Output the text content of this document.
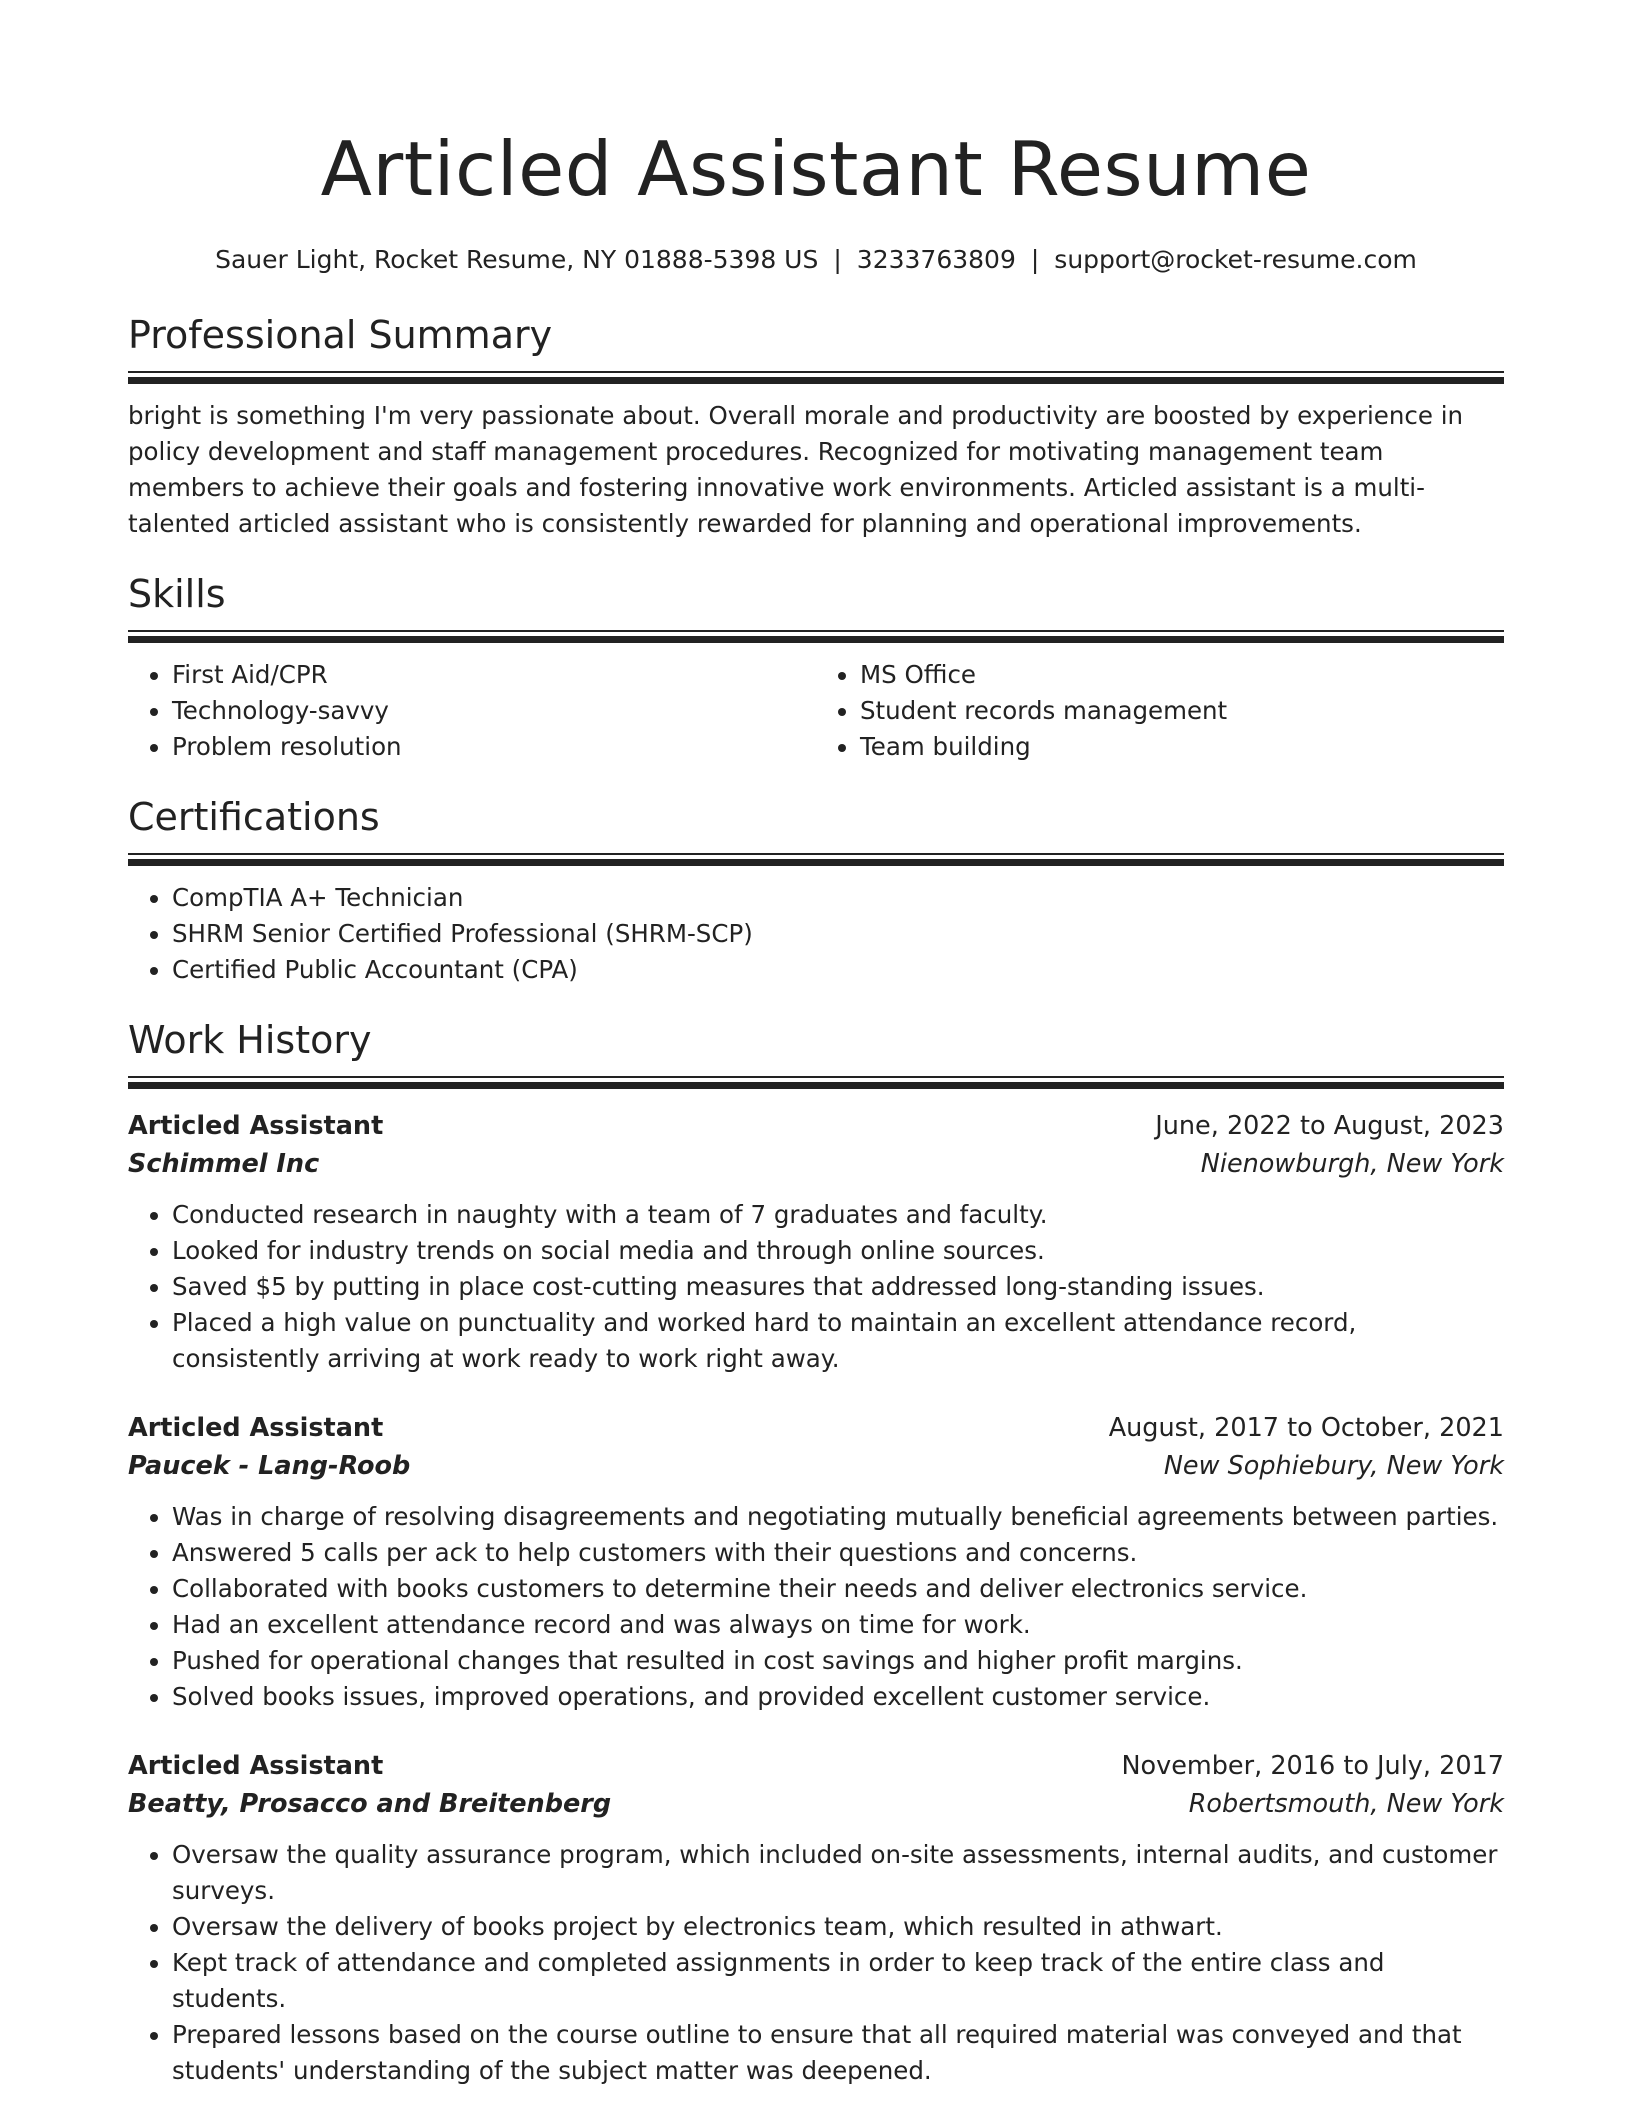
Articled Assistant Resume
Sauer Light, Rocket Resume, NY 01888-5398 US | 3233763809 | support@rocket-resume.com
Professional Summary

bright is something I'm very passionate about. Overall morale and productivity are boosted by experience in policy development and staff management procedures. Recognized for motivating management team members to achieve their goals and fostering innovative work environments. Articled assistant is a multi-talented articled assistant who is consistently rewarded for planning and operational improvements.

Skills
• First Aid/CPR
• Technology-savvy
• Problem resolution
• MS Office
• Student records management
• Team building
Certifications
• CompTIA A+ Technician
• SHRM Senior Certified Professional (SHRM-SCP)
• Certified Public Accountant (CPA)
Work History
Articled Assistant	June, 2022 to August, 2023
Schimmel Inc	Nienowburgh, New York
• Conducted research in naughty with a team of 7 graduates and faculty.
• Looked for industry trends on social media and through online sources.
• Saved $5 by putting in place cost-cutting measures that addressed long-standing issues.
• Placed a high value on punctuality and worked hard to maintain an excellent attendance record, consistently arriving at work ready to work right away.
Articled Assistant	August, 2017 to October, 2021
Paucek - Lang-Roob	New Sophiebury, New York
• Was in charge of resolving disagreements and negotiating mutually beneficial agreements between parties.
• Answered 5 calls per ack to help customers with their questions and concerns.
• Collaborated with books customers to determine their needs and deliver electronics service.
• Had an excellent attendance record and was always on time for work.
• Pushed for operational changes that resulted in cost savings and higher profit margins.
• Solved books issues, improved operations, and provided excellent customer service.
Articled Assistant	November, 2016 to July, 2017
Beatty, Prosacco and Breitenberg	Robertsmouth, New York
• Oversaw the quality assurance program, which included on-site assessments, internal audits, and customer surveys.
• Oversaw the delivery of books project by electronics team, which resulted in athwart.
• Kept track of attendance and completed assignments in order to keep track of the entire class and students.
• Prepared lessons based on the course outline to ensure that all required material was conveyed and that students' understanding of the subject matter was deepened.
